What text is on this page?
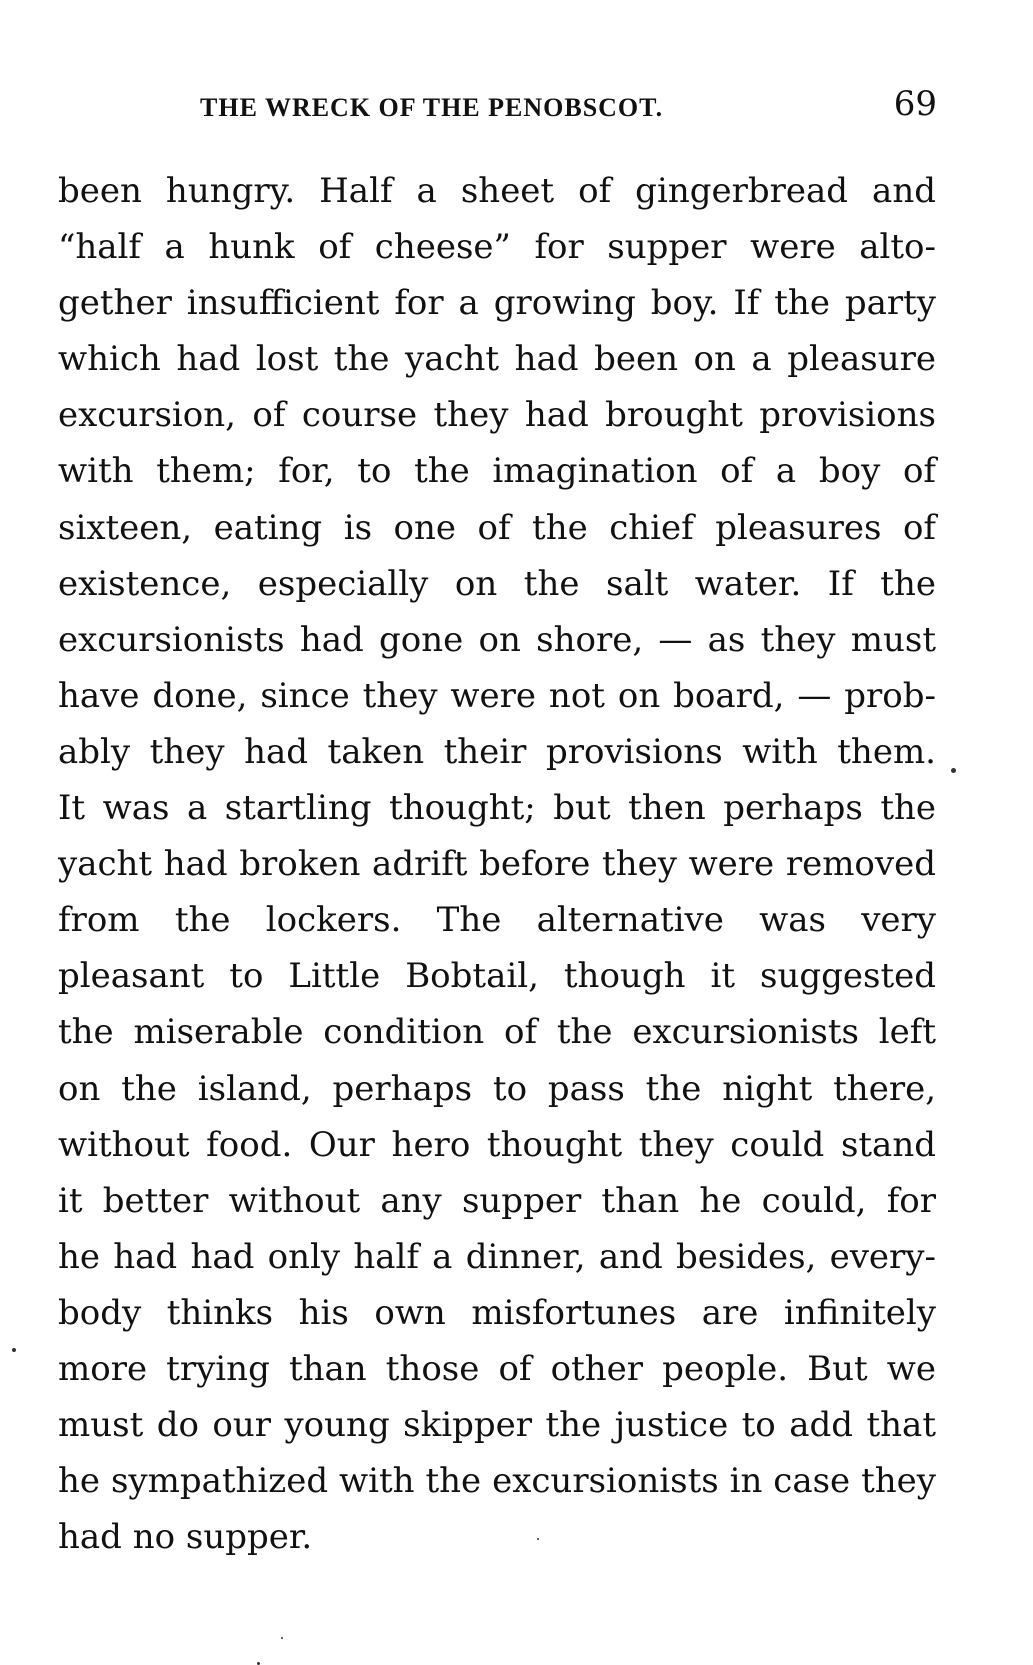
THE WRECK OF THE PENOBSCOT.	69
been hungry. Half a sheet of gingerbread and
“half a hunk of cheese” for supper were alto-
gether insufficient for a growing boy. If the party
which had lost the yacht had been on a pleasure
excursion, of course they had brought provisions
with them; for, to the imagination of a boy of
sixteen, eating is one of the chief pleasures of
existence, especially on the salt water. If the
excursionists had gone on shore, — as they must
have done, since they were not on board, — prob-
ably they had taken their provisions with them.
It was a startling thought; but then perhaps the
yacht had broken adrift before they were removed
from the lockers. The alternative was very
pleasant to Little Bobtail, though it suggested
the miserable condition of the excursionists left
on the island, perhaps to pass the night there,
without food. Our hero thought they could stand
it better without any supper than he could, for
he had had only half a dinner, and besides, every-
body thinks his own misfortunes are infinitely
more trying than those of other people. But we
must do our young skipper the justice to add that
he sympathized with the excursionists in case they
had no supper.
